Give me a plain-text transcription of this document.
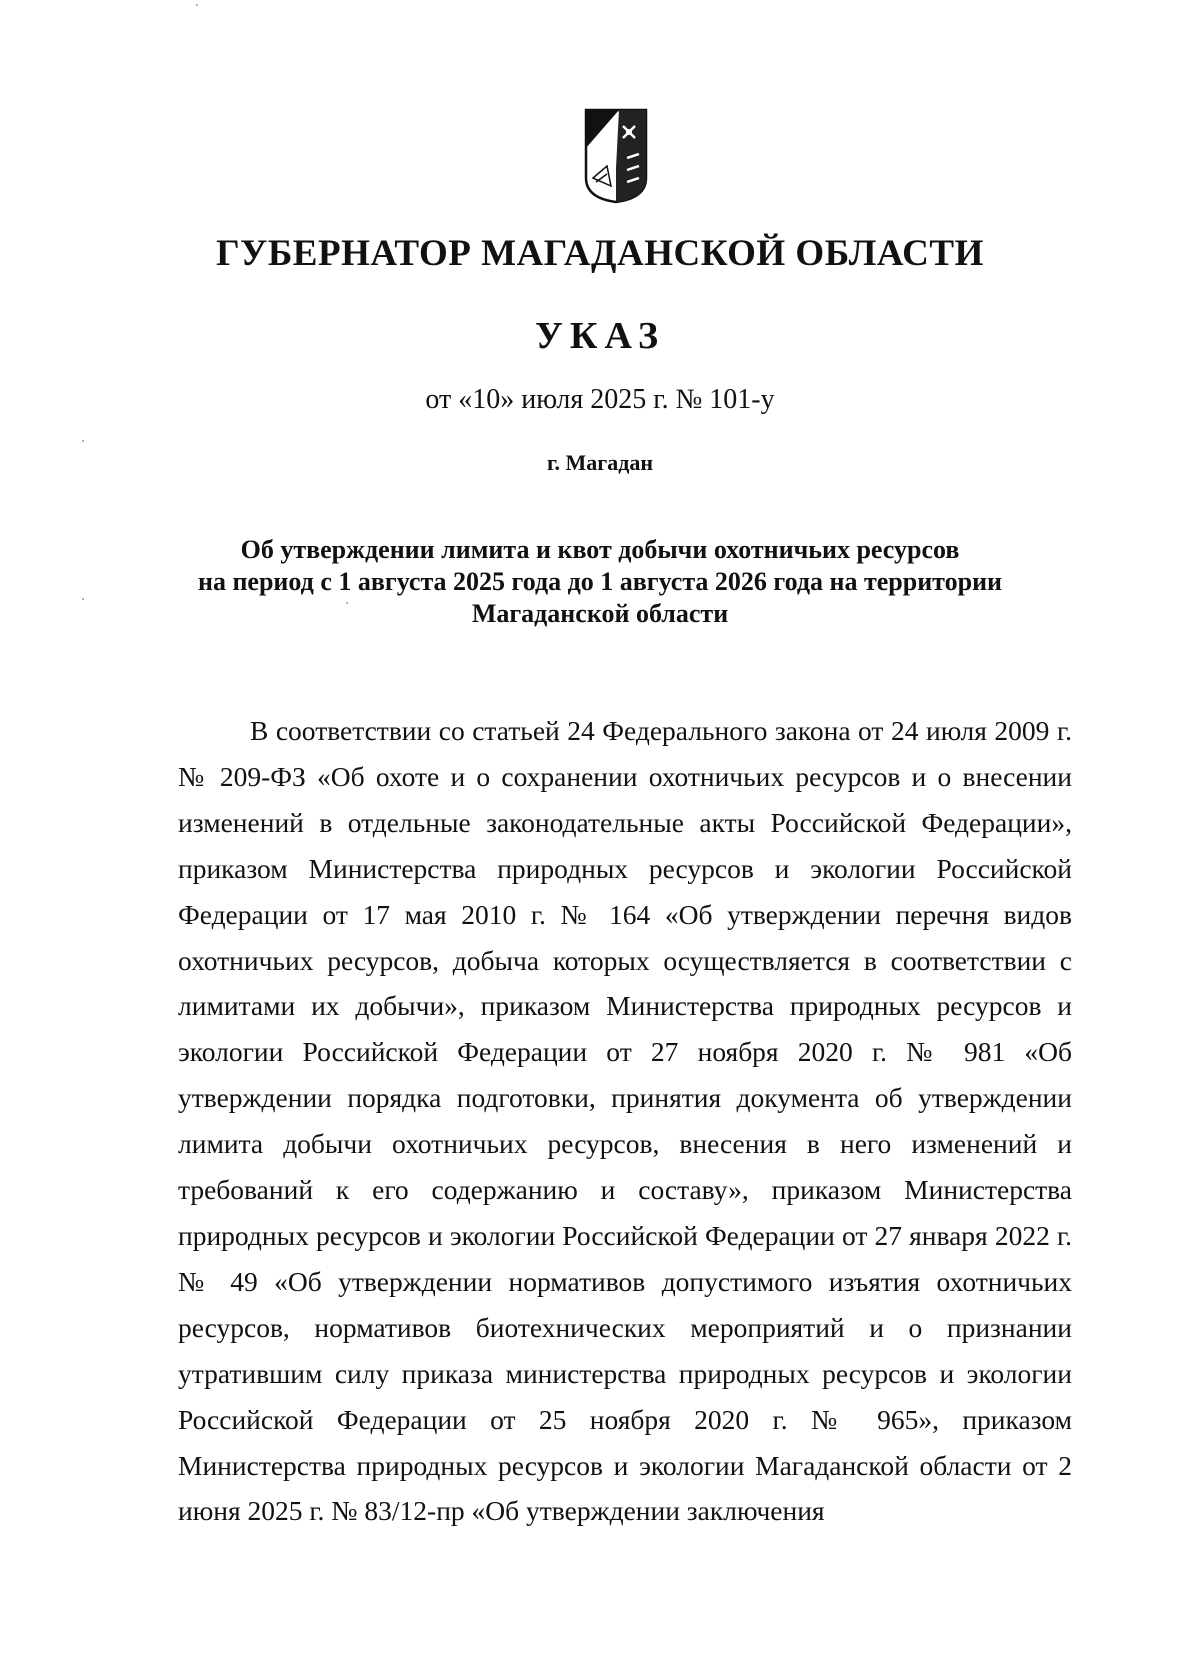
ГУБЕРНАТОР МАГАДАНСКОЙ ОБЛАСТИ
УКАЗ
от «10» июля 2025 г. № 101-у
г. Магадан
Об утверждении лимита и квот добычи охотничьих ресурсов
на период с 1 августа 2025 года до 1 августа 2026 года на территории
Магаданской области

В соответствии со статьей 24 Федерального закона от 24 июля 2009 г. № 209-ФЗ «Об охоте и о сохранении охотничьих ресурсов и о внесении изменений в отдельные законодательные акты Российской Федерации», приказом Министерства природных ресурсов и экологии Российской Федерации от 17 мая 2010 г. № 164 «Об утверждении перечня видов охотничьих ресурсов, добыча которых осуществляется в соответствии с лимитами их добычи», приказом Министерства природных ресурсов и экологии Российской Федерации от 27 ноября 2020 г. № 981 «Об утверждении порядка подготовки, принятия документа об утверждении лимита добычи охотничьих ресурсов, внесения в него изменений и требований к его содержанию и составу», приказом Министерства природных ресурсов и экологии Российской Федерации от 27 января 2022 г. № 49 «Об утверждении нормативов допустимого изъятия охотничьих ресурсов, нормативов биотехнических мероприятий и о признании утратившим силу приказа министерства природных ресурсов и экологии Российской Федерации от 25 ноября 2020 г. № 965», приказом Министерства природных ресурсов и экологии Магаданской области от 2 июня 2025 г. № 83/12-пр «Об утверждении заключения
